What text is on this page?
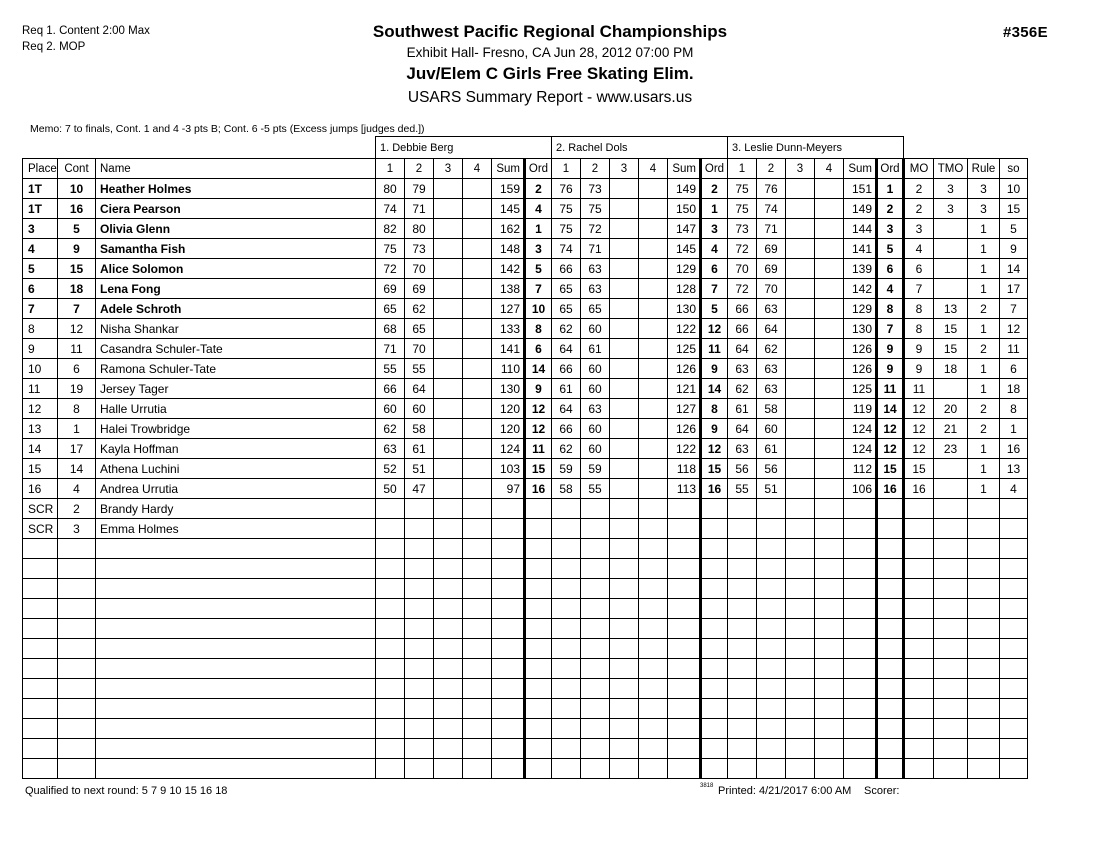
Req 1. Content 2:00 Max
Req 2. MOP
#356E
Southwest Pacific Regional Championships
Exhibit Hall- Fresno, CA Jun 28, 2012 07:00 PM
Juv/Elem C Girls Free Skating Elim.
USARS Summary Report - www.usars.us
Memo: 7 to finals, Cont. 1 and 4 -3 pts B; Cont. 6 -5 pts (Excess jumps [judges ded.])
			1. Debbie Berg						2. Rachel Dols						3. Leslie Dunn-Meyers									
Place	Cont	Name	1	2	3	4	Sum	Ord	1	2	3	4	Sum	Ord	1	2	3	4	Sum	Ord	MO	TMO	Rule	so
1T	10	Heather Holmes	80	79			159	2	76	73			149	2	75	76			151	1	2	3	3	10
1T	16	Ciera Pearson	74	71			145	4	75	75			150	1	75	74			149	2	2	3	3	15
3	5	Olivia Glenn	82	80			162	1	75	72			147	3	73	71			144	3	3		1	5
4	9	Samantha Fish	75	73			148	3	74	71			145	4	72	69			141	5	4		1	9
5	15	Alice Solomon	72	70			142	5	66	63			129	6	70	69			139	6	6		1	14
6	18	Lena Fong	69	69			138	7	65	63			128	7	72	70			142	4	7		1	17
7	7	Adele Schroth	65	62			127	10	65	65			130	5	66	63			129	8	8	13	2	7
8	12	Nisha Shankar	68	65			133	8	62	60			122	12	66	64			130	7	8	15	1	12
9	11	Casandra Schuler-Tate	71	70			141	6	64	61			125	11	64	62			126	9	9	15	2	11
10	6	Ramona Schuler-Tate	55	55			110	14	66	60			126	9	63	63			126	9	9	18	1	6
11	19	Jersey Tager	66	64			130	9	61	60			121	14	62	63			125	11	11		1	18
12	8	Halle Urrutia	60	60			120	12	64	63			127	8	61	58			119	14	12	20	2	8
13	1	Halei Trowbridge	62	58			120	12	66	60			126	9	64	60			124	12	12	21	2	1
14	17	Kayla Hoffman	63	61			124	11	62	60			122	12	63	61			124	12	12	23	1	16
15	14	Athena Luchini	52	51			103	15	59	59			118	15	56	56			112	15	15		1	13
16	4	Andrea Urrutia	50	47			97	16	58	55			113	16	55	51			106	16	16		1	4
SCR	2	Brandy Hardy																						
SCR	3	Emma Holmes																						

Qualified to next round: 5 7 9 10 15 16 18	3818 Printed: 4/21/2017 6:00 AM Scorer:
